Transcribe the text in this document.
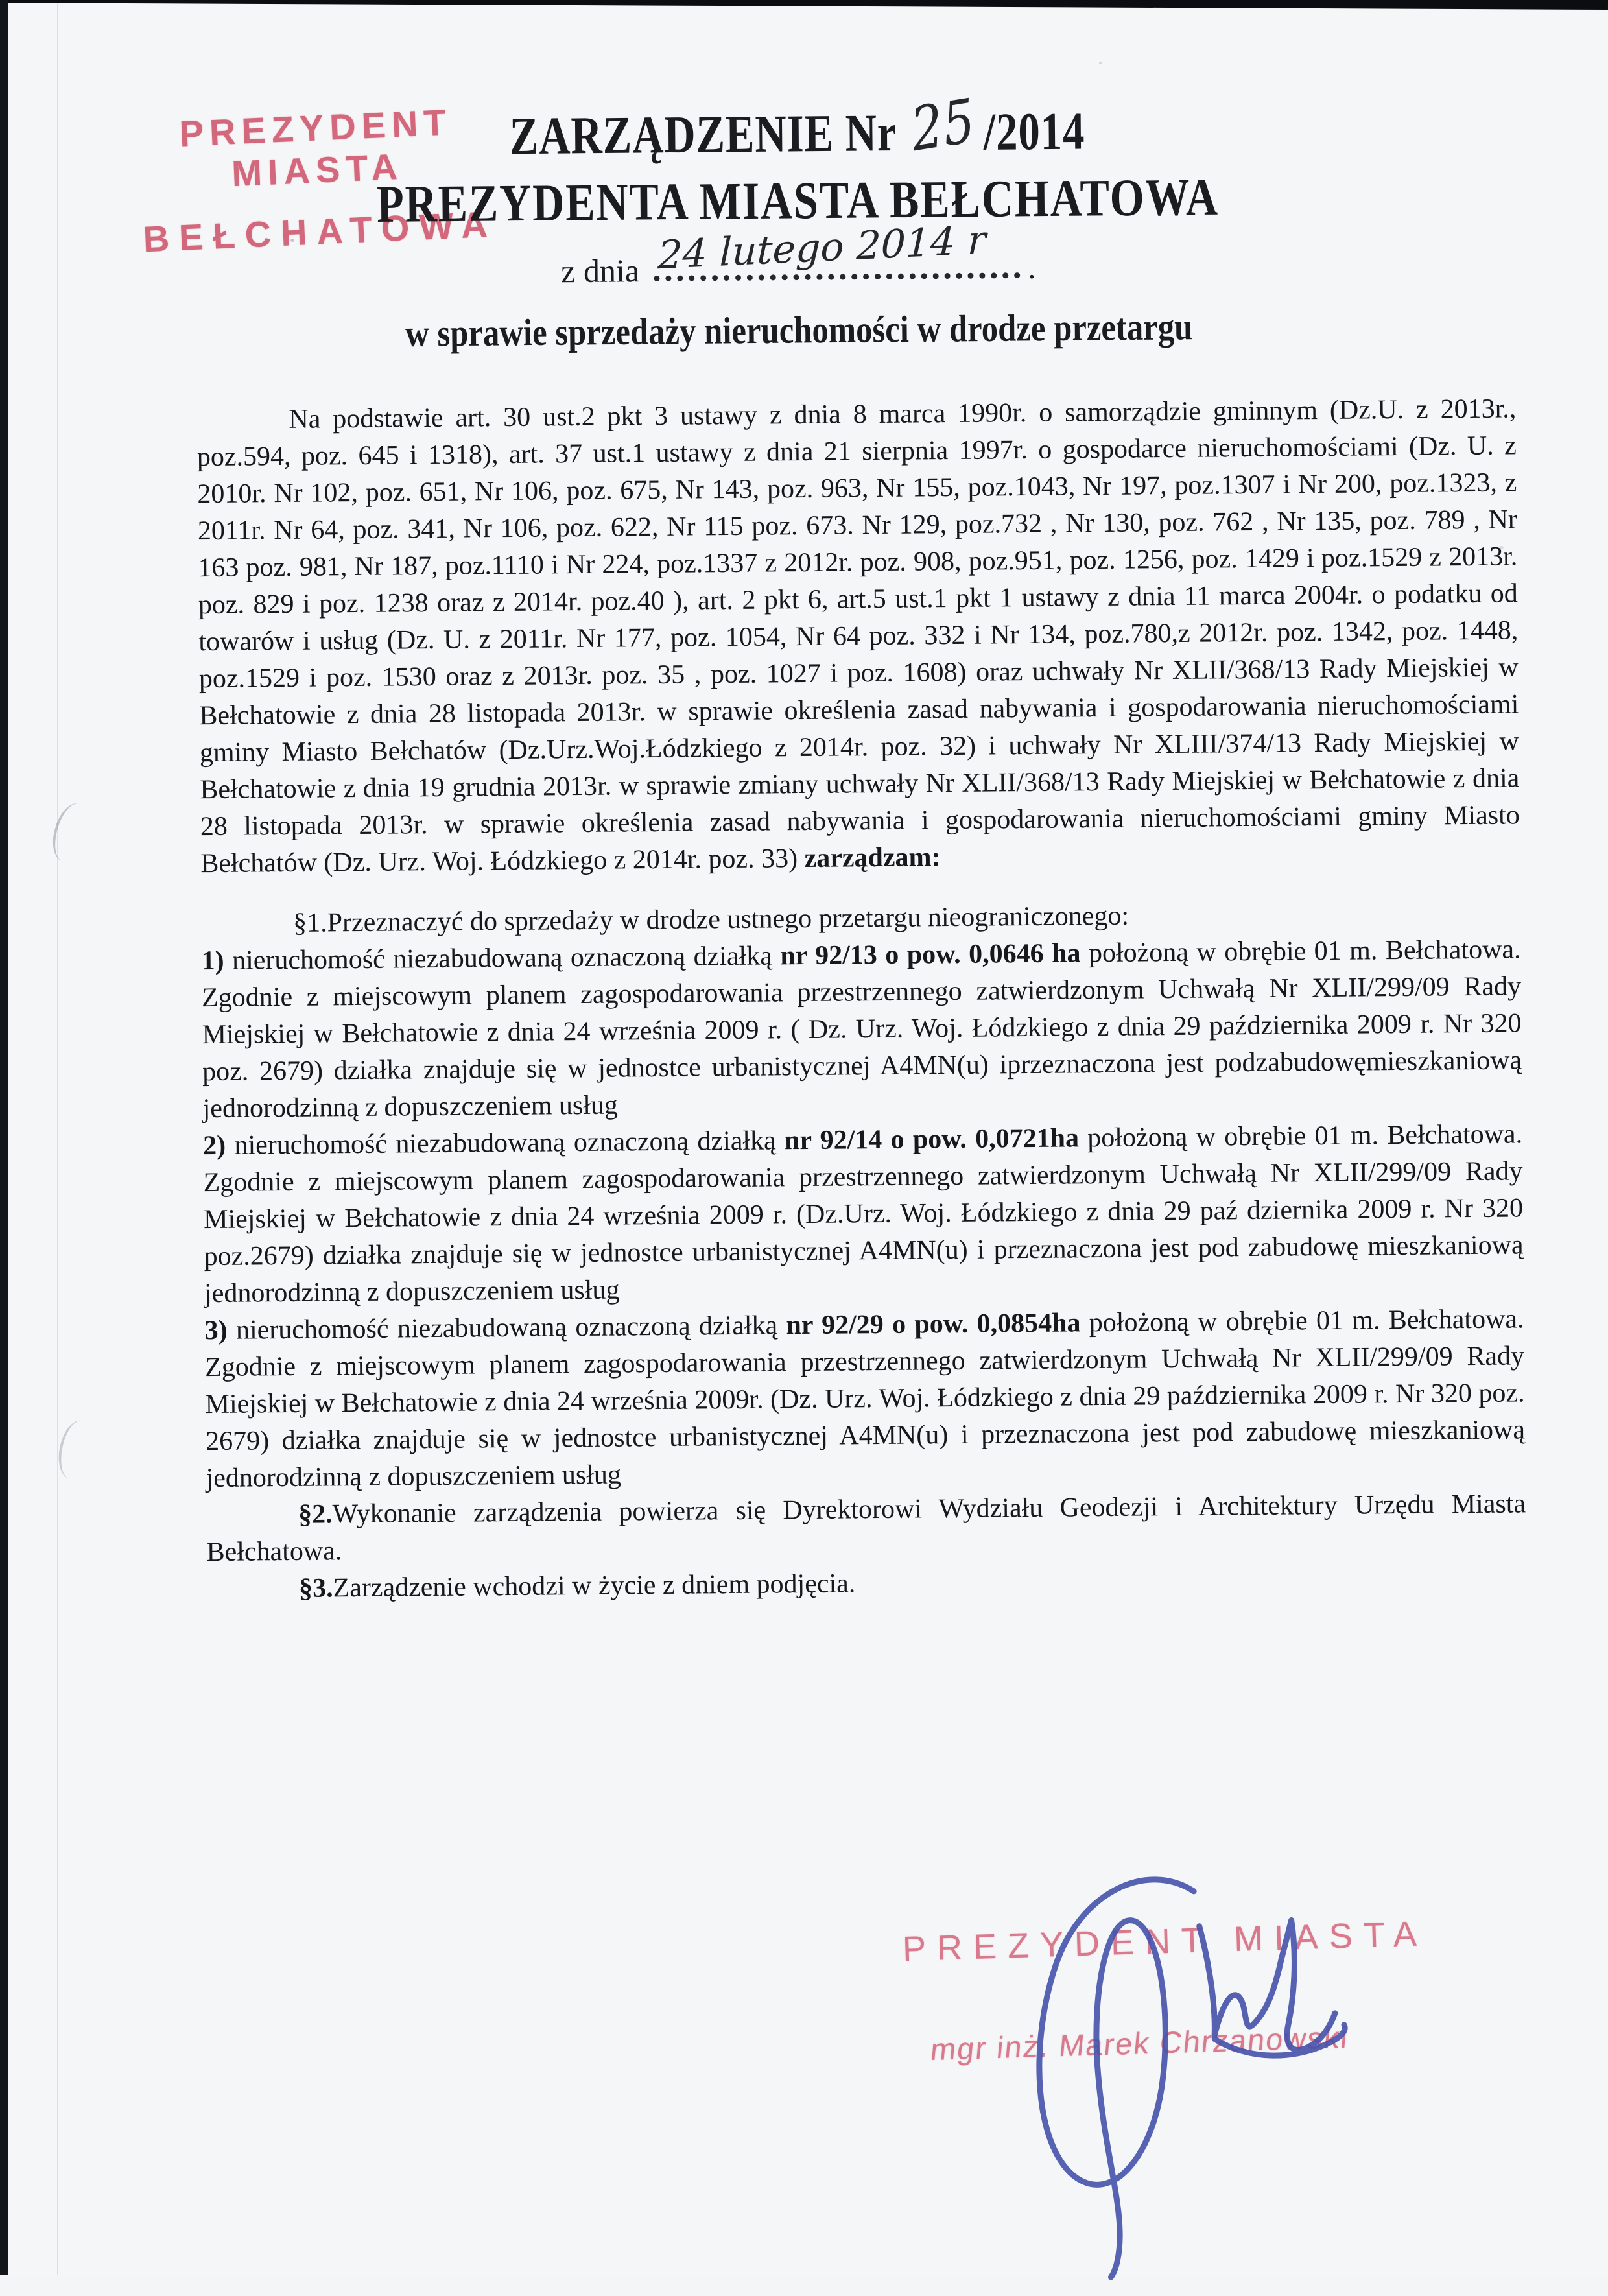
PREZYDENT MIASTA
BEŁCHATOWA
ZARZĄDZENIE Nr 25/2014
PREZYDENTA MIASTA BEŁCHATOWA
z dnia 24 lutego 2014 r	.
w sprawie sprzedaży nieruchomości w drodze przetargu

Na podstawie art. 30 ust.2 pkt 3 ustawy z dnia 8 marca 1990r. o samorządzie gminnym (Dz.U. z 2013r., poz.594, poz. 645 i 1318), art. 37 ust.1 ustawy z dnia 21 sierpnia 1997r. o gospodarce nieruchomościami (Dz. U. z 2010r. Nr 102, poz. 651, Nr 106, poz. 675, Nr 143, poz. 963, Nr 155, poz.1043, Nr 197, poz.1307 i Nr 200, poz.1323, z 2011r. Nr 64, poz. 341, Nr 106, poz. 622, Nr 115 poz. 673. Nr 129, poz.732 , Nr 130, poz. 762 , Nr 135, poz. 789 , Nr 163 poz. 981, Nr 187, poz.1110 i Nr 224, poz.1337 z 2012r. poz. 908, poz.951, poz. 1256, poz. 1429 i poz.1529 z 2013r. poz. 829 i poz. 1238 oraz z 2014r. poz.40 ), art. 2 pkt 6, art.5 ust.1 pkt 1 ustawy z dnia 11 marca 2004r. o podatku od towarów i usług (Dz. U. z 2011r. Nr 177, poz. 1054, Nr 64 poz. 332 i Nr 134, poz.780,z 2012r. poz. 1342, poz. 1448, poz.1529 i poz. 1530 oraz z 2013r. poz. 35 , poz. 1027 i poz. 1608) oraz uchwały Nr XLII/368/13 Rady Miejskiej w Bełchatowie z dnia 28 listopada 2013r. w sprawie określenia zasad nabywania i gospodarowania nieruchomościami gminy Miasto Bełchatów (Dz.Urz.Woj.Łódzkiego z 2014r. poz. 32) i uchwały Nr XLIII/374/13 Rady Miejskiej w Bełchatowie z dnia 19 grudnia 2013r. w sprawie zmiany uchwały Nr XLII/368/13 Rady Miejskiej w Bełchatowie z dnia 28 listopada 2013r. w sprawie określenia zasad nabywania i gospodarowania nieruchomościami gminy Miasto Bełchatów (Dz. Urz. Woj. Łódzkiego z 2014r. poz. 33) zarządzam:

§1.Przeznaczyć do sprzedaży w drodze ustnego przetargu nieograniczonego:

1) nieruchomość niezabudowaną oznaczoną działką nr 92/13 o pow. 0,0646 ha położoną w obrębie 01 m. Bełchatowa. Zgodnie z miejscowym planem zagospodarowania przestrzennego zatwierdzonym Uchwałą Nr XLII/299/09 Rady Miejskiej w Bełchatowie z dnia 24 września 2009 r. ( Dz. Urz. Woj. Łódzkiego z dnia 29 października 2009 r. Nr 320 poz. 2679) działka znajduje się w jednostce urbanistycznej A4MN(u) iprzeznaczona jest podzabudowęmieszkaniową jednorodzinną z dopuszczeniem usług

2) nieruchomość niezabudowaną oznaczoną działką nr 92/14 o pow. 0,0721ha położoną w obrębie 01 m. Bełchatowa. Zgodnie z miejscowym planem zagospodarowania przestrzennego zatwierdzonym Uchwałą Nr XLII/299/09 Rady Miejskiej w Bełchatowie z dnia 24 września 2009 r. (Dz.Urz. Woj. Łódzkiego z dnia 29 paź dziernika 2009 r. Nr 320 poz.2679) działka znajduje się w jednostce urbanistycznej A4MN(u) i przeznaczona jest pod zabudowę mieszkaniową jednorodzinną z dopuszczeniem usług

3) nieruchomość niezabudowaną oznaczoną działką nr 92/29 o pow. 0,0854ha położoną w obrębie 01 m. Bełchatowa. Zgodnie z miejscowym planem zagospodarowania przestrzennego zatwierdzonym Uchwałą Nr XLII/299/09 Rady Miejskiej w Bełchatowie z dnia 24 września 2009r. (Dz. Urz. Woj. Łódzkiego z dnia 29 października 2009 r. Nr 320 poz. 2679) działka znajduje się w jednostce urbanistycznej A4MN(u) i przeznaczona jest pod zabudowę mieszkaniową jednorodzinną z dopuszczeniem usług

§2.Wykonanie zarządzenia powierza się Dyrektorowi Wydziału Geodezji i Architektury Urzędu Miasta Bełchatowa.

§3.Zarządzenie wchodzi w życie z dniem podjęcia.

PREZYDENT MIASTA
mgr inż. Marek Chrzanowski
